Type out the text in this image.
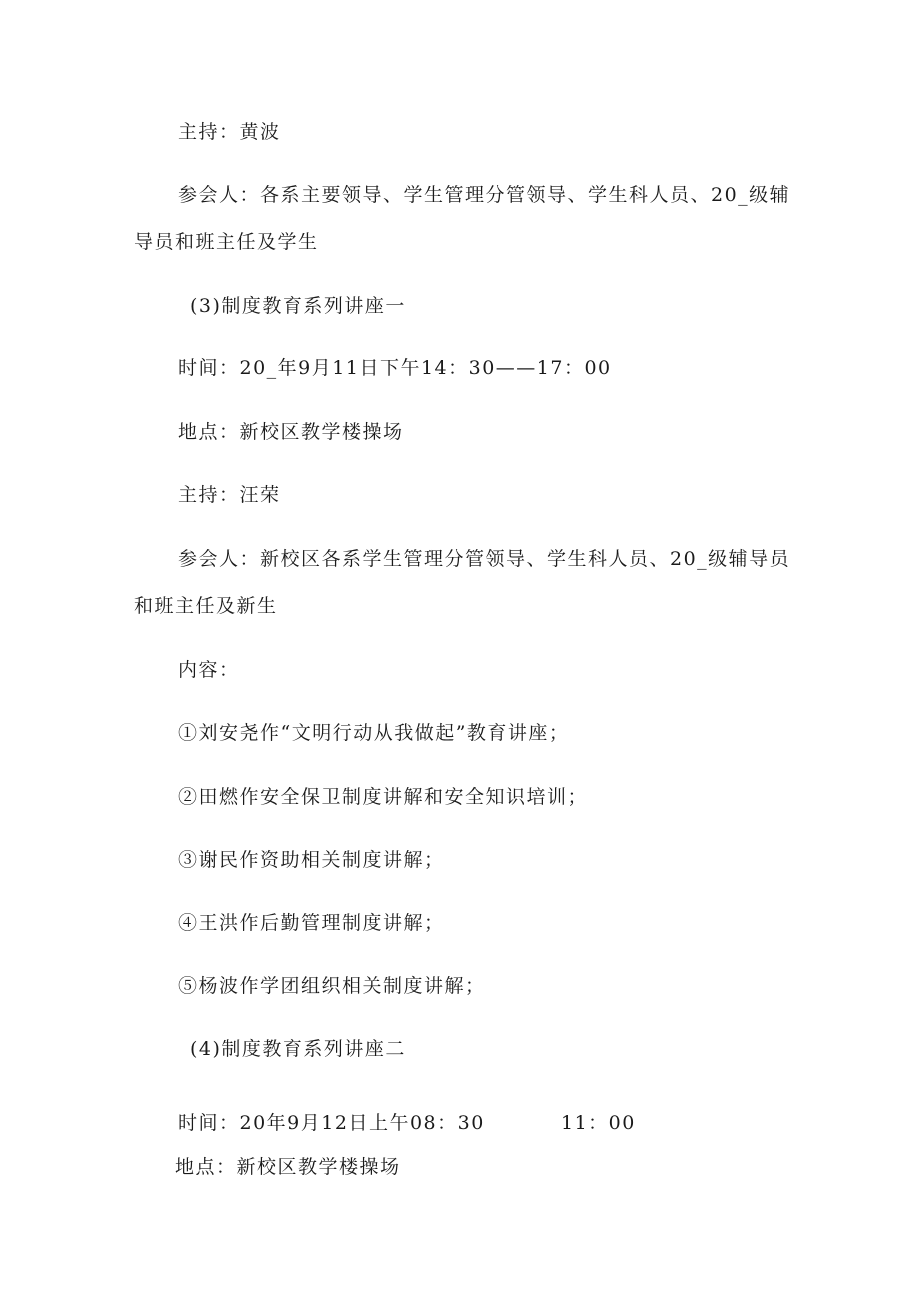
主持：黄波
参会人：各系主要领导、学生管理分管领导、学生科人员、20_级辅
导员和班主任及学生
(3)制度教育系列讲座一
时间：20_年9月11日下午14：30——17：00
地点：新校区教学楼操场
主持：汪荣
参会人：新校区各系学生管理分管领导、学生科人员、20_级辅导员
和班主任及新生
内容：
①刘安尧作“文明行动从我做起”教育讲座；
②田燃作安全保卫制度讲解和安全知识培训；
③谢民作资助相关制度讲解；
④王洪作后勤管理制度讲解；
⑤杨波作学团组织相关制度讲解；
(4)制度教育系列讲座二
时间：20年9月12日上午08：30	11：00
地点：新校区教学楼操场
